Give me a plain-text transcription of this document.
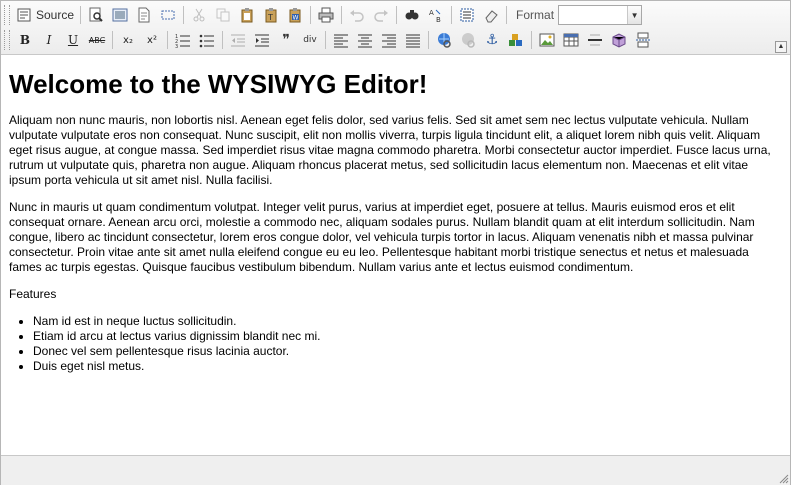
Source	T	W
A
B	Format	▼
B I U ABC x₂ x²	1
2
3	❞ div	⚓	▲
Welcome to the WYSIWYG Editor!

Aliquam non nunc mauris, non lobortis nisl. Aenean eget felis dolor, sed varius felis. Sed sit amet sem nec lectus vulputate vehicula. Nullam vulputate vulputate eros non consequat. Nunc suscipit, elit non mollis viverra, turpis ligula tincidunt elit, a aliquet lorem nibh quis velit. Aliquam eget risus augue, at congue massa. Sed imperdiet risus vitae magna commodo pharetra. Morbi consectetur auctor imperdiet. Fusce lacus urna, rutrum ut vulputate quis, pharetra non augue. Aliquam rhoncus placerat metus, sed sollicitudin lacus elementum non. Maecenas et elit vitae ipsum porta vehicula ut sit amet nisl. Nulla facilisi.

Nunc in mauris ut quam condimentum volutpat. Integer velit purus, varius at imperdiet eget, posuere at tellus. Mauris euismod eros et elit consequat ornare. Aenean arcu orci, molestie a commodo nec, aliquam sodales purus. Nullam blandit quam at elit interdum sollicitudin. Nam congue, libero ac tincidunt consectetur, lorem eros congue dolor, vel vehicula turpis tortor in lacus. Aliquam venenatis nibh et massa pulvinar consectetur. Proin vitae ante sit amet nulla eleifend congue eu eu leo. Pellentesque habitant morbi tristique senectus et netus et malesuada fames ac turpis egestas. Quisque faucibus vestibulum bibendum. Nullam varius ante et lectus euismod condimentum.

Features

• Nam id est in neque luctus sollicitudin.
• Etiam id arcu at lectus varius dignissim blandit nec mi.
• Donec vel sem pellentesque risus lacinia auctor.
• Duis eget nisl metus.
